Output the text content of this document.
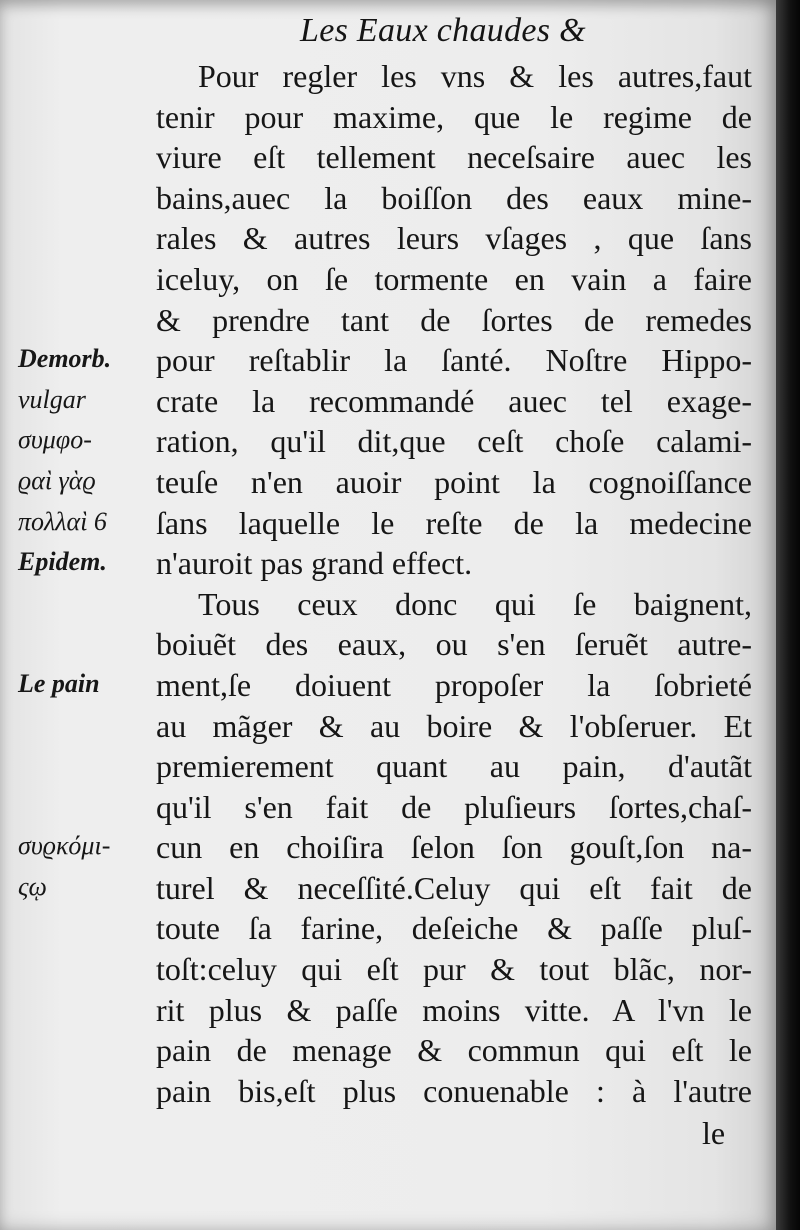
Les Eaux chaudes &
Pour regler les vns & les autres,faut
tenir pour maxime, que le regime de
viure eſt tellement neceſsaire auec les
bains,auec la boiſſon des eaux mine-
rales & autres leurs vſages , que ſans
iceluy, on ſe tormente en vain a faire
& prendre tant de ſortes de remedes
pour reſtablir la ſanté. Noſtre Hippo-
crate la recommandé auec tel exage-
ration, qu'il dit,que ceſt choſe calami-
teuſe n'en auoir point la cognoiſſance
ſans laquelle le reſte de la medecine
n'auroit pas grand effect.
Tous ceux donc qui ſe baignent,
boiuẽt des eaux, ou s'en ſeruẽt autre-
ment,ſe doiuent propoſer la ſobrieté
au mãger & au boire & l'obſeruer. Et
premierement quant au pain, d'autãt
qu'il s'en fait de pluſieurs ſortes,chaſ-
cun en choiſira ſelon ſon gouſt,ſon na-
turel & neceſſité.Celuy qui eſt fait de
toute ſa farine, deſeiche & paſſe pluſ-
toſt:celuy qui eſt pur & tout blãc, nor-
rit plus & paſſe moins vitte. A l'vn le
pain de menage & commun qui eſt le
pain bis,eſt plus conuenable : à l'autre
Demorb.
vulgar
συμφο-
ϱαὶ γὰϱ
πολλαὶ 6
Epidem.
Le pain
συϱκόμι-
ςῳ
le
